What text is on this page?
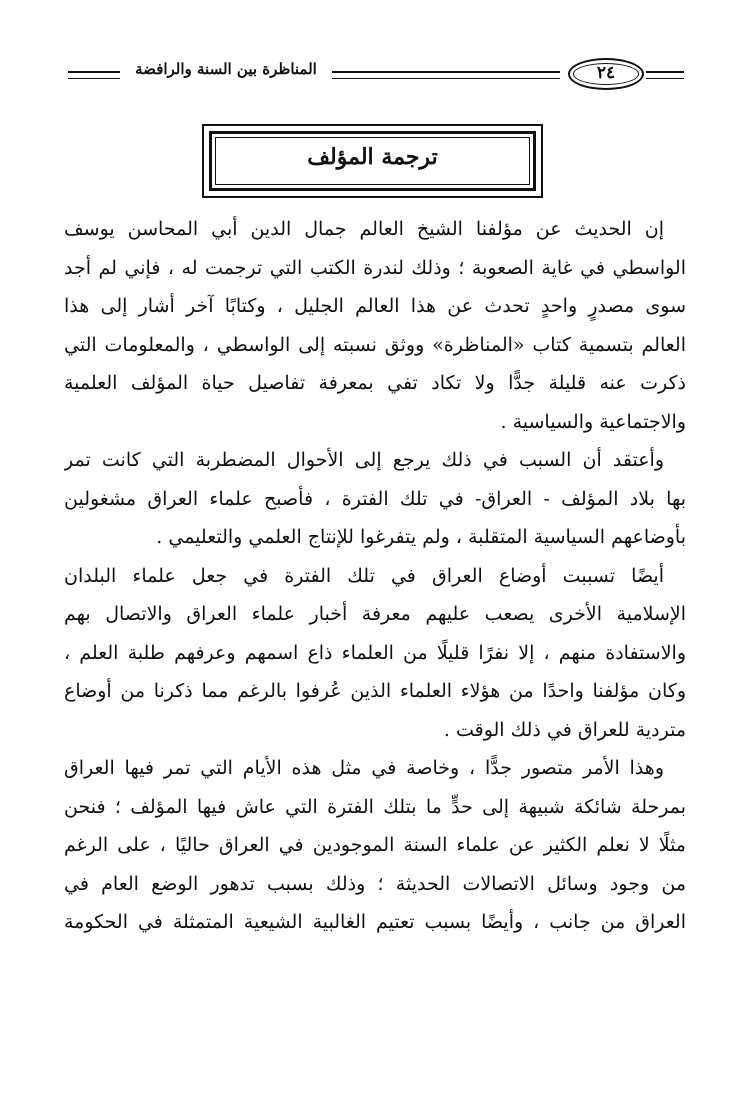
المناظرة بين السنة والرافضة	٢٤
ترجمة المؤلف
إن الحديث عن مؤلفنا الشيخ العالم جمال الدين أبي المحاسن يوسف
الواسطي في غاية الصعوبة ؛ وذلك لندرة الكتب التي ترجمت له ، فإني لم أجد
سوى مصدرٍ واحدٍ تحدث عن هذا العالم الجليل ، وكتابًا آخر أشار إلى هذا
العالم بتسمية كتاب «المناظرة» ووثق نسبته إلى الواسطي ، والمعلومات التي
ذكرت عنه قليلة جدًّا ولا تكاد تفي بمعرفة تفاصيل حياة المؤلف العلمية
والاجتماعية والسياسية .
وأعتقد أن السبب في ذلك يرجع إلى الأحوال المضطربة التي كانت تمر
بها بلاد المؤلف - العراق- في تلك الفترة ، فأصبح علماء العراق مشغولين
بأوضاعهم السياسية المتقلبة ، ولم يتفرغوا للإنتاج العلمي والتعليمي .
أيضًا تسببت أوضاع العراق في تلك الفترة في جعل علماء البلدان
الإسلامية الأخرى يصعب عليهم معرفة أخبار علماء العراق والاتصال بهم
والاستفادة منهم ، إلا نفرًا قليلًا من العلماء ذاع اسمهم وعرفهم طلبة العلم ،
وكان مؤلفنا واحدًا من هؤلاء العلماء الذين عُرفوا بالرغم مما ذكرنا من أوضاع
متردية للعراق في ذلك الوقت .
وهذا الأمر متصور جدًّا ، وخاصة في مثل هذه الأيام التي تمر فيها العراق
بمرحلة شائكة شبيهة إلى حدٍّ ما بتلك الفترة التي عاش فيها المؤلف ؛ فنحن
مثلًا لا نعلم الكثير عن علماء السنة الموجودين في العراق حاليًا ، على الرغم
من وجود وسائل الاتصالات الحديثة ؛ وذلك بسبب تدهور الوضع العام في
العراق من جانب ، وأيضًا بسبب تعتيم الغالبية الشيعية المتمثلة في الحكومة
